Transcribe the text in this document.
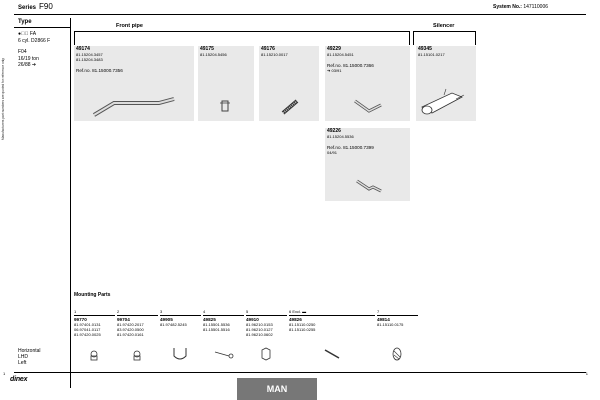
Manufacturers part numbers are quoted for reference only
Series F90	System No.: 147110006
Type
●◯⃝ FA
6 cyl. D2866 F
F04
16/19 ton
26/88 ➔
Front pipe	Silencer
49174
81.15204.3457
81.15204.3483
Ref.no. 81.15000.7356
49175
81.15204.5456
49176
81.15210.0017
49229
81.15204.5451
Ref.no. 81.15000.7366
➔ 03/91
49345
81.15101.0217
49226
81.15204.5536
Ref.no. 81.15000.7399
04/91
Mounting Parts
1
99770
81.97401.0131
06.97041.0117
81.97420.0025
2
99704
81.97420.2017
83.97420.0500
81.97420.0161
3
49905
81.97482.5245
4
49825
81.15501.5536
81.15501.5516
5
49910
81.96210.0153
81.96210.0127
81.96210.0602
6 Excl. ▬
49826
81.15110.0250
81.15110.0255
7
49814
81.15110.0175
Horizontal
LHD
Left
1	1
dinex
MAN
